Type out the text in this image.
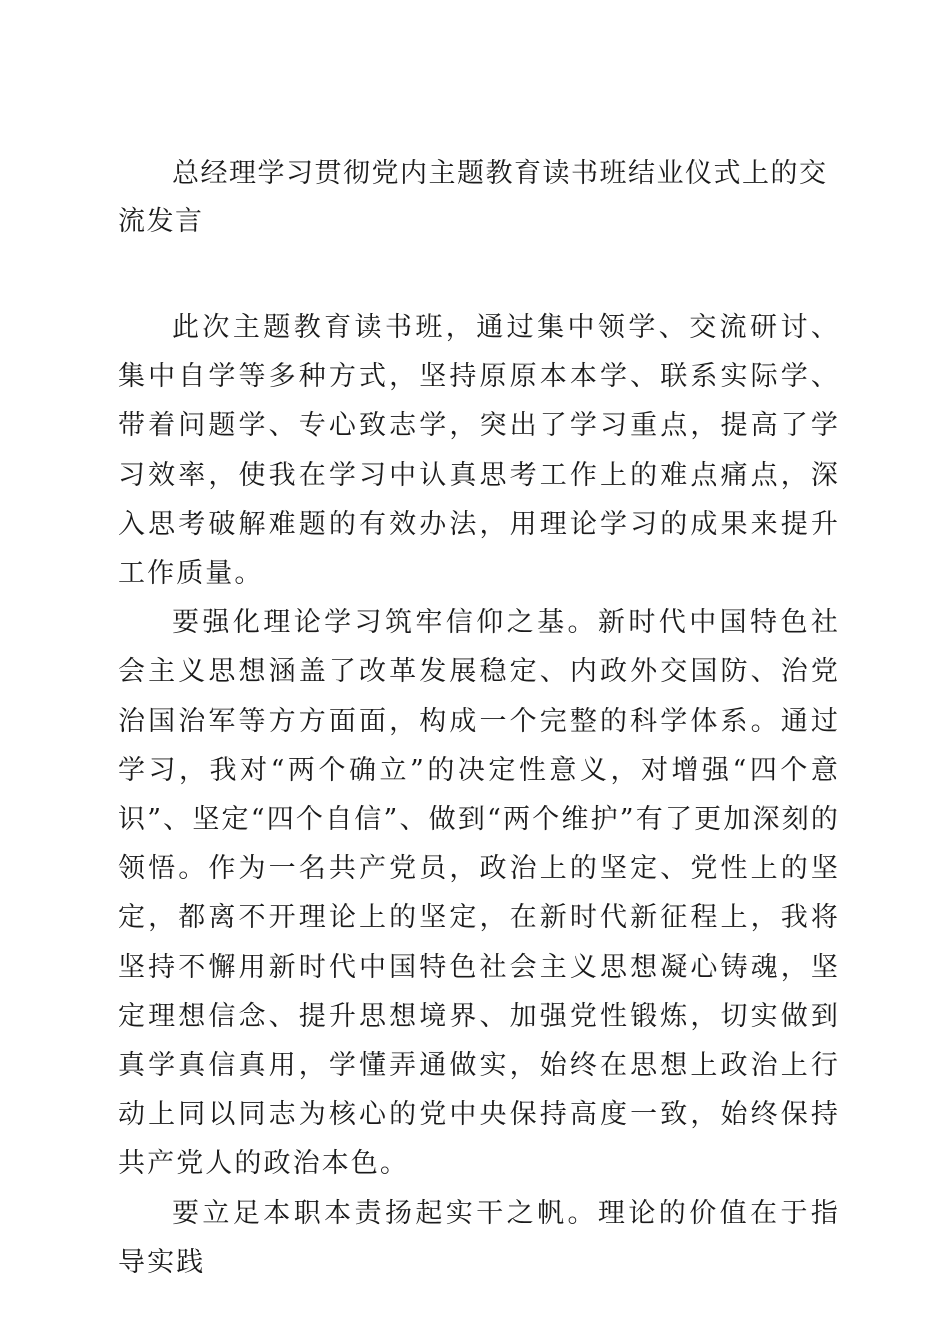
总经理学习贯彻党内主题教育读书班结业仪式上的交流发言

此次主题教育读书班，通过集中领学、交流研讨、集中自学等多种方式，坚持原原本本学、联系实际学、带着问题学、专心致志学，突出了学习重点，提高了学习效率，使我在学习中认真思考工作上的难点痛点，深入思考破解难题的有效办法，用理论学习的成果来提升工作质量。

要强化理论学习筑牢信仰之基。新时代中国特色社会主义思想涵盖了改革发展稳定、内政外交国防、治党治国治军等方方面面，构成一个完整的科学体系。通过学习，我对“两个确立”的决定性意义，对增强“四个意识”、坚定“四个自信”、做到“两个维护”有了更加深刻的领悟。作为一名共产党员，政治上的坚定、党性上的坚定，都离不开理论上的坚定，在新时代新征程上，我将坚持不懈用新时代中国特色社会主义思想凝心铸魂，坚定理想信念、提升思想境界、加强党性锻炼，切实做到真学真信真用，学懂弄通做实，始终在思想上政治上行动上同以同志为核心的党中央保持高度一致，始终保持共产党人的政治本色。

要立足本职本责扬起实干之帆。理论的价值在于指导实践
